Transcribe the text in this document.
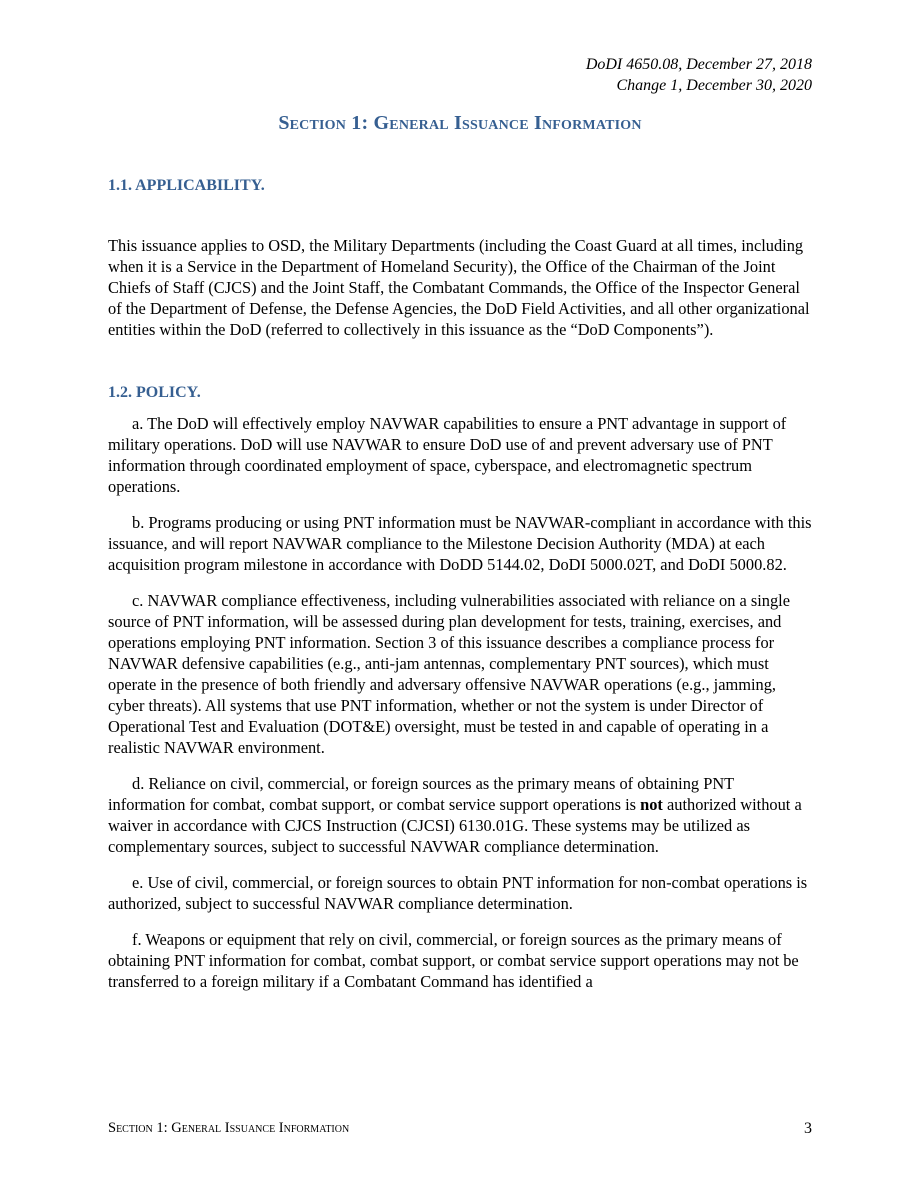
DoDI 4650.08, December 27, 2018
Change 1, December 30, 2020
Section 1: General Issuance Information
1.1. APPLICABILITY.

This issuance applies to OSD, the Military Departments (including the Coast Guard at all times, including when it is a Service in the Department of Homeland Security), the Office of the Chairman of the Joint Chiefs of Staff (CJCS) and the Joint Staff, the Combatant Commands, the Office of the Inspector General of the Department of Defense, the Defense Agencies, the DoD Field Activities, and all other organizational entities within the DoD (referred to collectively in this issuance as the “DoD Components”).

1.2. POLICY.

a. The DoD will effectively employ NAVWAR capabilities to ensure a PNT advantage in support of military operations. DoD will use NAVWAR to ensure DoD use of and prevent adversary use of PNT information through coordinated employment of space, cyberspace, and electromagnetic spectrum operations.

b. Programs producing or using PNT information must be NAVWAR-compliant in accordance with this issuance, and will report NAVWAR compliance to the Milestone Decision Authority (MDA) at each acquisition program milestone in accordance with DoDD 5144.02, DoDI 5000.02T, and DoDI 5000.82.

c. NAVWAR compliance effectiveness, including vulnerabilities associated with reliance on a single source of PNT information, will be assessed during plan development for tests, training, exercises, and operations employing PNT information. Section 3 of this issuance describes a compliance process for NAVWAR defensive capabilities (e.g., anti-jam antennas, complementary PNT sources), which must operate in the presence of both friendly and adversary offensive NAVWAR operations (e.g., jamming, cyber threats). All systems that use PNT information, whether or not the system is under Director of Operational Test and Evaluation (DOT&E) oversight, must be tested in and capable of operating in a realistic NAVWAR environment.

d. Reliance on civil, commercial, or foreign sources as the primary means of obtaining PNT information for combat, combat support, or combat service support operations is not authorized without a waiver in accordance with CJCS Instruction (CJCSI) 6130.01G. These systems may be utilized as complementary sources, subject to successful NAVWAR compliance determination.

e. Use of civil, commercial, or foreign sources to obtain PNT information for non-combat operations is authorized, subject to successful NAVWAR compliance determination.

f. Weapons or equipment that rely on civil, commercial, or foreign sources as the primary means of obtaining PNT information for combat, combat support, or combat service support operations may not be transferred to a foreign military if a Combatant Command has identified a

Section 1: General Issuance Information	3
